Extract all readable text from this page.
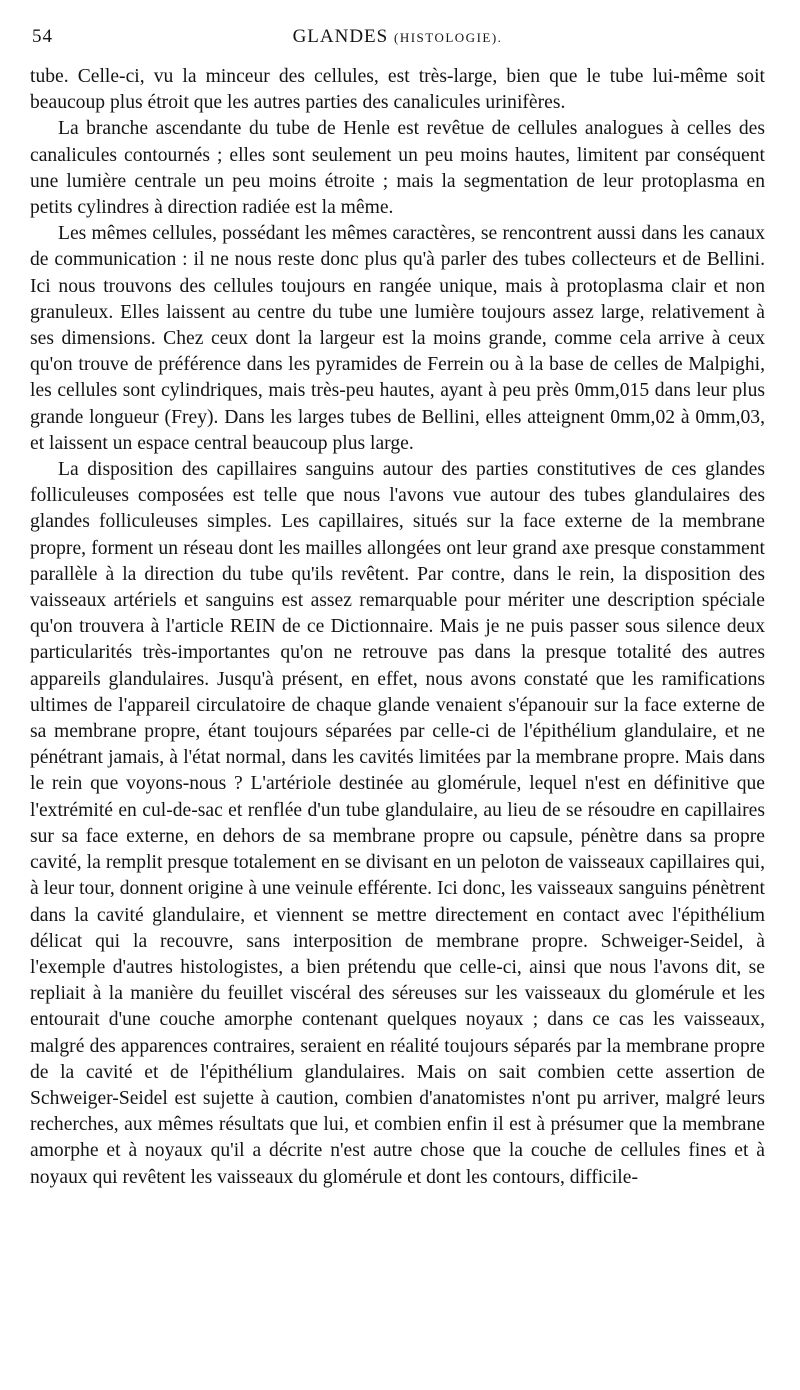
54	GLANDES (HISTOLOGIE).

tube. Celle-ci, vu la minceur des cellules, est très-large, bien que le tube lui-même soit beaucoup plus étroit que les autres parties des canalicules urinifères.

La branche ascendante du tube de Henle est revêtue de cellules analogues à celles des canalicules contournés ; elles sont seulement un peu moins hautes, limitent par conséquent une lumière centrale un peu moins étroite ; mais la segmentation de leur protoplasma en petits cylindres à direction radiée est la même.

Les mêmes cellules, possédant les mêmes caractères, se rencontrent aussi dans les canaux de communication : il ne nous reste donc plus qu'à parler des tubes collecteurs et de Bellini. Ici nous trouvons des cellules toujours en rangée unique, mais à protoplasma clair et non granuleux. Elles laissent au centre du tube une lumière toujours assez large, relativement à ses dimensions. Chez ceux dont la largeur est la moins grande, comme cela arrive à ceux qu'on trouve de préférence dans les pyramides de Ferrein ou à la base de celles de Malpighi, les cellules sont cylindriques, mais très-peu hautes, ayant à peu près 0mm,015 dans leur plus grande longueur (Frey). Dans les larges tubes de Bellini, elles atteignent 0mm,02 à 0mm,03, et laissent un espace central beaucoup plus large.

La disposition des capillaires sanguins autour des parties constitutives de ces glandes folliculeuses composées est telle que nous l'avons vue autour des tubes glandulaires des glandes folliculeuses simples. Les capillaires, situés sur la face externe de la membrane propre, forment un réseau dont les mailles allongées ont leur grand axe presque constamment parallèle à la direction du tube qu'ils revêtent. Par contre, dans le rein, la disposition des vaisseaux artériels et sanguins est assez remarquable pour mériter une description spéciale qu'on trouvera à l'article REIN de ce Dictionnaire. Mais je ne puis passer sous silence deux particularités très-importantes qu'on ne retrouve pas dans la presque totalité des autres appareils glandulaires. Jusqu'à présent, en effet, nous avons constaté que les ramifications ultimes de l'appareil circulatoire de chaque glande venaient s'épanouir sur la face externe de sa membrane propre, étant toujours séparées par celle-ci de l'épithélium glandulaire, et ne pénétrant jamais, à l'état normal, dans les cavités limitées par la membrane propre. Mais dans le rein que voyons-nous ? L'artériole destinée au glomérule, lequel n'est en définitive que l'extrémité en cul-de-sac et renflée d'un tube glandulaire, au lieu de se résoudre en capillaires sur sa face externe, en dehors de sa membrane propre ou capsule, pénètre dans sa propre cavité, la remplit presque totalement en se divisant en un peloton de vaisseaux capillaires qui, à leur tour, donnent origine à une veinule efférente. Ici donc, les vaisseaux sanguins pénètrent dans la cavité glandulaire, et viennent se mettre directement en contact avec l'épithélium délicat qui la recouvre, sans interposition de membrane propre. Schweiger-Seidel, à l'exemple d'autres histologistes, a bien prétendu que celle-ci, ainsi que nous l'avons dit, se repliait à la manière du feuillet viscéral des séreuses sur les vaisseaux du glomérule et les entourait d'une couche amorphe contenant quelques noyaux ; dans ce cas les vaisseaux, malgré des apparences contraires, seraient en réalité toujours séparés par la membrane propre de la cavité et de l'épithélium glandulaires. Mais on sait combien cette assertion de Schweiger-Seidel est sujette à caution, combien d'anatomistes n'ont pu arriver, malgré leurs recherches, aux mêmes résultats que lui, et combien enfin il est à présumer que la membrane amorphe et à noyaux qu'il a décrite n'est autre chose que la couche de cellules fines et à noyaux qui revêtent les vaisseaux du glomérule et dont les contours, difficile-
